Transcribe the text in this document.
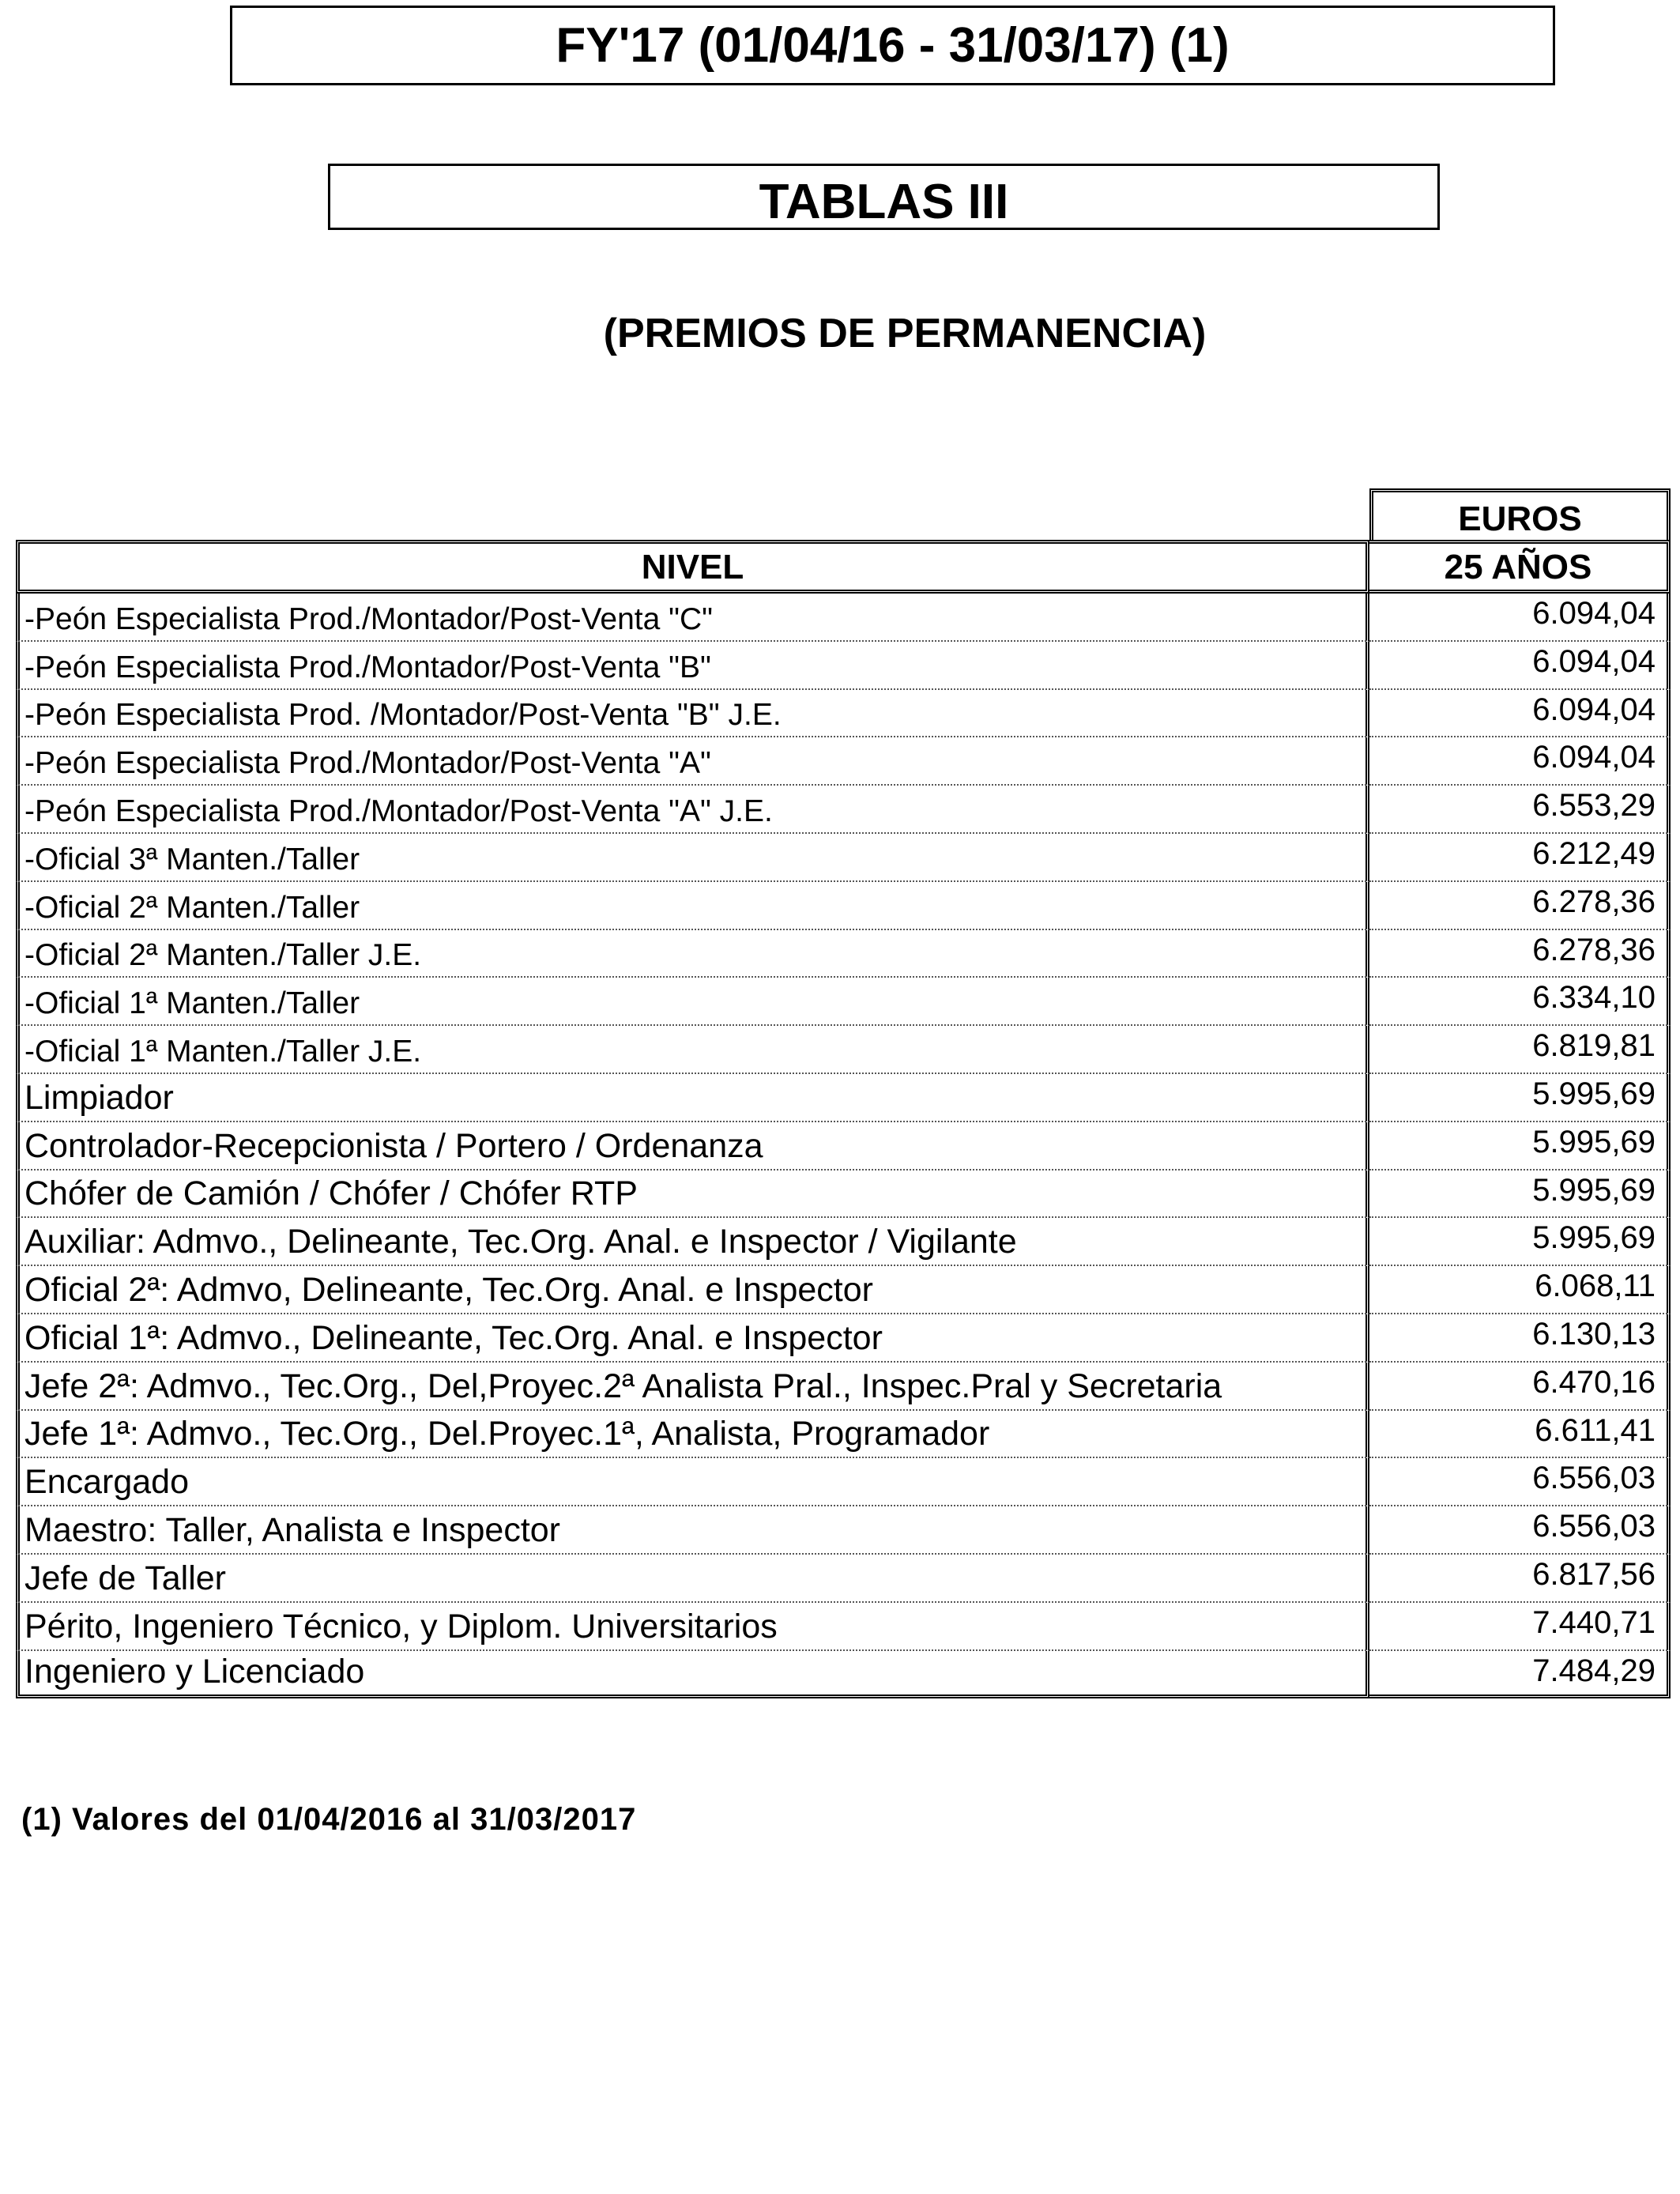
FY'17 (01/04/16 - 31/03/17) (1)
TABLAS III
(PREMIOS DE PERMANENCIA)
EUROS
NIVEL	25 AÑOS
-Peón Especialista Prod./Montador/Post-Venta "C"	6.094,04
-Peón Especialista Prod./Montador/Post-Venta "B"	6.094,04
-Peón Especialista Prod. /Montador/Post-Venta "B" J.E.	6.094,04
-Peón Especialista Prod./Montador/Post-Venta "A"	6.094,04
-Peón Especialista Prod./Montador/Post-Venta "A" J.E.	6.553,29
-Oficial 3ª Manten./Taller	6.212,49
-Oficial 2ª Manten./Taller	6.278,36
-Oficial 2ª Manten./Taller J.E.	6.278,36
-Oficial 1ª Manten./Taller	6.334,10
-Oficial 1ª Manten./Taller J.E.	6.819,81
Limpiador	5.995,69
Controlador-Recepcionista / Portero / Ordenanza	5.995,69
Chófer de Camión / Chófer / Chófer RTP	5.995,69
Auxiliar: Admvo., Delineante, Tec.Org. Anal. e Inspector / Vigilante	5.995,69
Oficial 2ª: Admvo, Delineante, Tec.Org. Anal. e Inspector	6.068,11
Oficial 1ª: Admvo., Delineante, Tec.Org. Anal. e Inspector	6.130,13
Jefe 2ª: Admvo., Tec.Org., Del,Proyec.2ª Analista Pral., Inspec.Pral y Secretaria	6.470,16
Jefe 1ª: Admvo., Tec.Org., Del.Proyec.1ª, Analista, Programador	6.611,41
Encargado	6.556,03
Maestro: Taller, Analista e Inspector	6.556,03
Jefe de Taller	6.817,56
Périto, Ingeniero Técnico, y Diplom. Universitarios	7.440,71
Ingeniero y Licenciado	7.484,29
(1) Valores del 01/04/2016 al 31/03/2017
